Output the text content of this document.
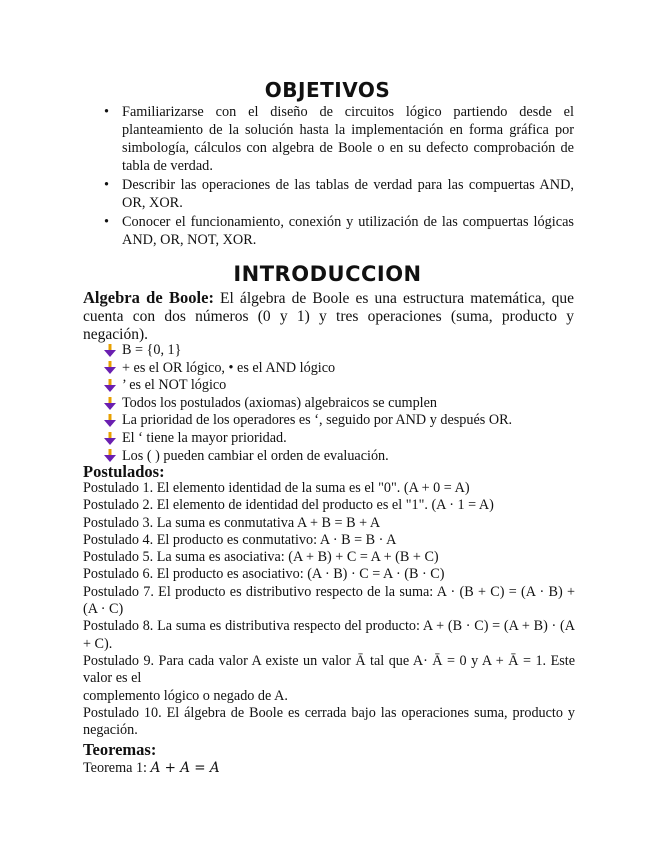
OBJETIVOS
• Familiarizarse con el diseño de circuitos lógico partiendo desde el planteamiento de la solución hasta la implementación en forma gráfica por simbología, cálculos con algebra de Boole o en su defecto comprobación de tabla de verdad.
• Describir las operaciones de las tablas de verdad para las compuertas AND, OR, XOR.
• Conocer el funcionamiento, conexión y utilización de las compuertas lógicas AND, OR, NOT, XOR.
INTRODUCCION
Algebra de Boole: El álgebra de Boole es una estructura matemática, que cuenta con dos números (0 y 1) y tres operaciones (suma, producto y negación).
B = {0, 1}
+ es el OR lógico, • es el AND lógico
’ es el NOT lógico
Todos los postulados (axiomas) algebraicos se cumplen
La prioridad de los operadores es ‘, seguido por AND y después OR.
El ‘ tiene la mayor prioridad.
Los ( ) pueden cambiar el orden de evaluación.
Postulados:
Postulado 1. El elemento identidad de la suma es el "0". (A + 0 = A)
Postulado 2. El elemento de identidad del producto es el "1". (A · 1 = A)
Postulado 3. La suma es conmutativa A + B = B + A
Postulado 4. El producto es conmutativo: A · B = B · A
Postulado 5. La suma es asociativa: (A + B) + C = A + (B + C)
Postulado 6. El producto es asociativo: (A · B) · C = A · (B · C)
Postulado 7. El producto es distributivo respecto de la suma: A · (B + C) = (A · B) + (A · C)
Postulado 8. La suma es distributiva respecto del producto: A + (B · C) = (A + B) · (A + C).
Postulado 9. Para cada valor A existe un valor Ā tal que A· Ā = 0 y A + Ā = 1. Este valor es el
complemento lógico o negado de A.
Postulado 10. El álgebra de Boole es cerrada bajo las operaciones suma, producto y negación.
Teoremas:
Teorema 1: A + A = A
